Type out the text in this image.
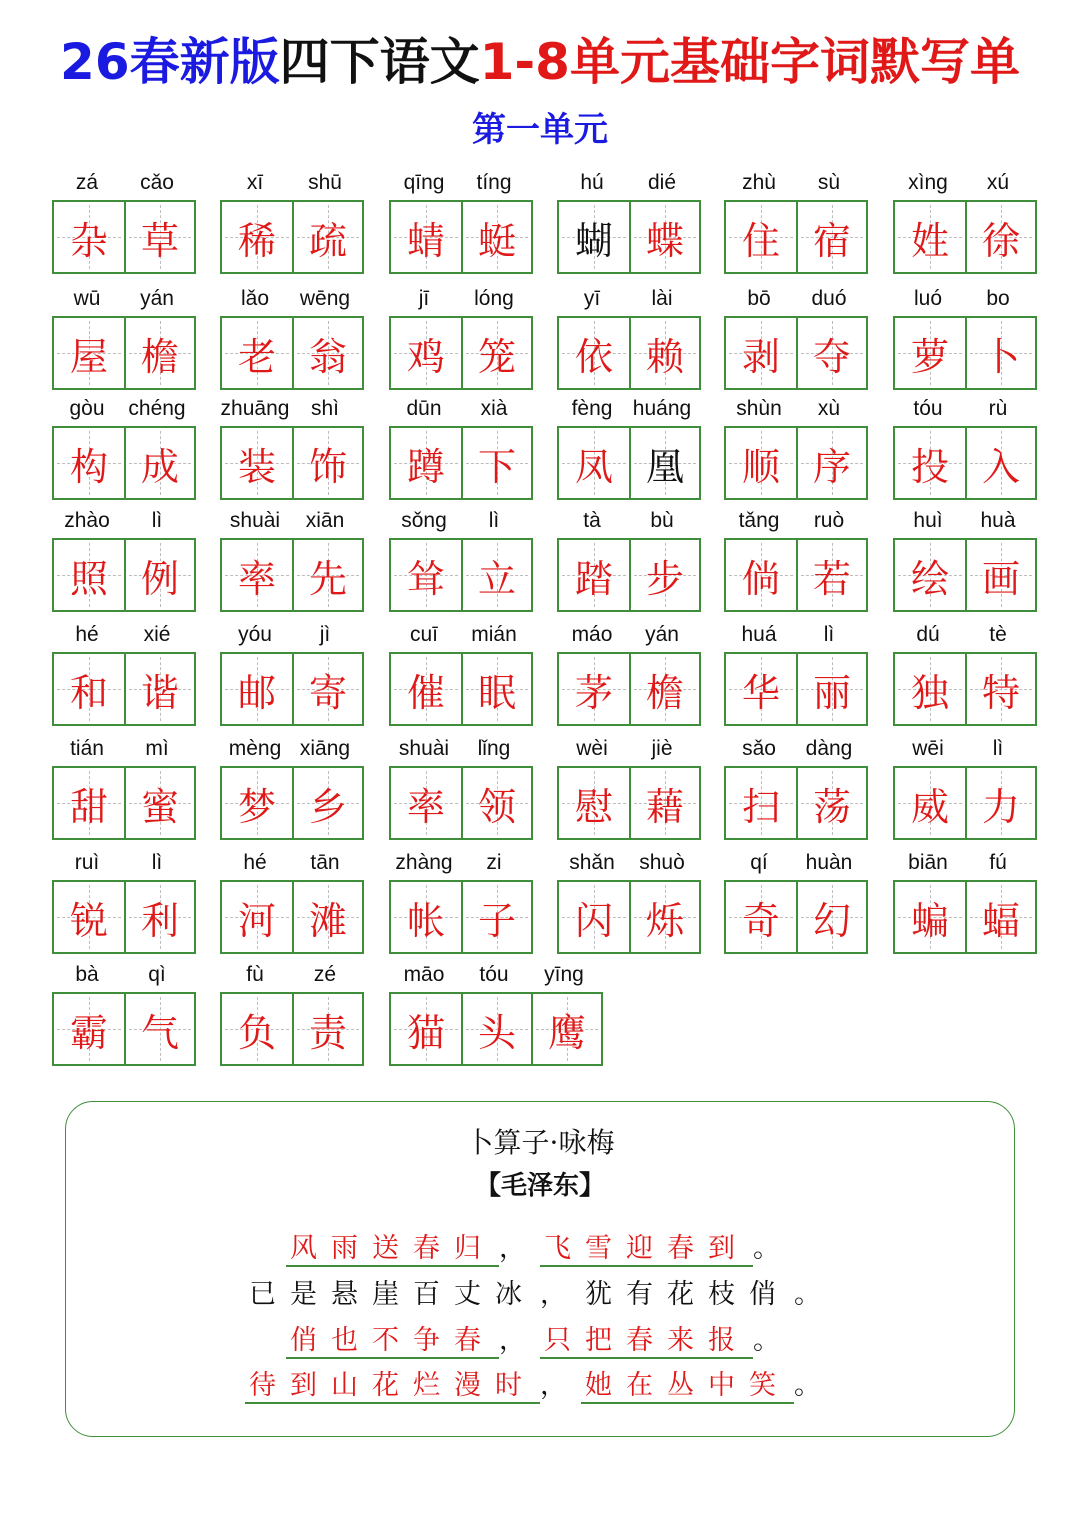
26春新版四下语文1-8单元基础字词默写单
第一单元
zá	cǎo
杂 草
xī	shū
稀 疏
qīng	tíng
蜻 蜓
hú	dié
蝴 蝶
zhù	sù
住 宿
xìng	xú
姓 徐
wū	yán
屋 檐
lǎo	wēng
老 翁
jī	lóng
鸡 笼
yī	lài
依 赖
bō	duó
剥 夺
luó	bo
萝 卜
gòu	chéng
构 成
zhuāng	shì
装 饰
dūn	xià
蹲 下
fèng huáng
凤 凰
shùn	xù
顺 序
tóu	rù
投 入
zhào	lì
照 例
shuài	xiān
率 先
sǒng	lì
耸 立
tà	bù
踏 步
tǎng	ruò
倘 若
huì	huà
绘 画
hé	xié
和 谐
yóu	jì
邮 寄
cuī	mián
催 眠
máo	yán
茅 檐
huá	lì
华 丽
dú	tè
独 特
tián	mì
甜 蜜
mèng xiāng
梦 乡
shuài	lǐng
率 领
wèi	jiè
慰 藉
sǎo	dàng
扫 荡
wēi	lì
威 力
ruì	lì
锐 利
hé	tān
河 滩
zhàng	zi
帐 子
shǎn	shuò
闪 烁
qí	huàn
奇 幻
biān	fú
蝙 蝠
bà	qì
霸 气
fù	zé
负 责
māo	tóu	yīng
猫 头 鹰
卜算子·咏梅
【毛泽东】
风雨送春归 ， 飞雪迎春到 。
已是悬崖百丈冰 ， 犹有花枝俏 。
俏也不争春 ， 只把春来报 。
待到山花烂漫时 ， 她在丛中笑 。
